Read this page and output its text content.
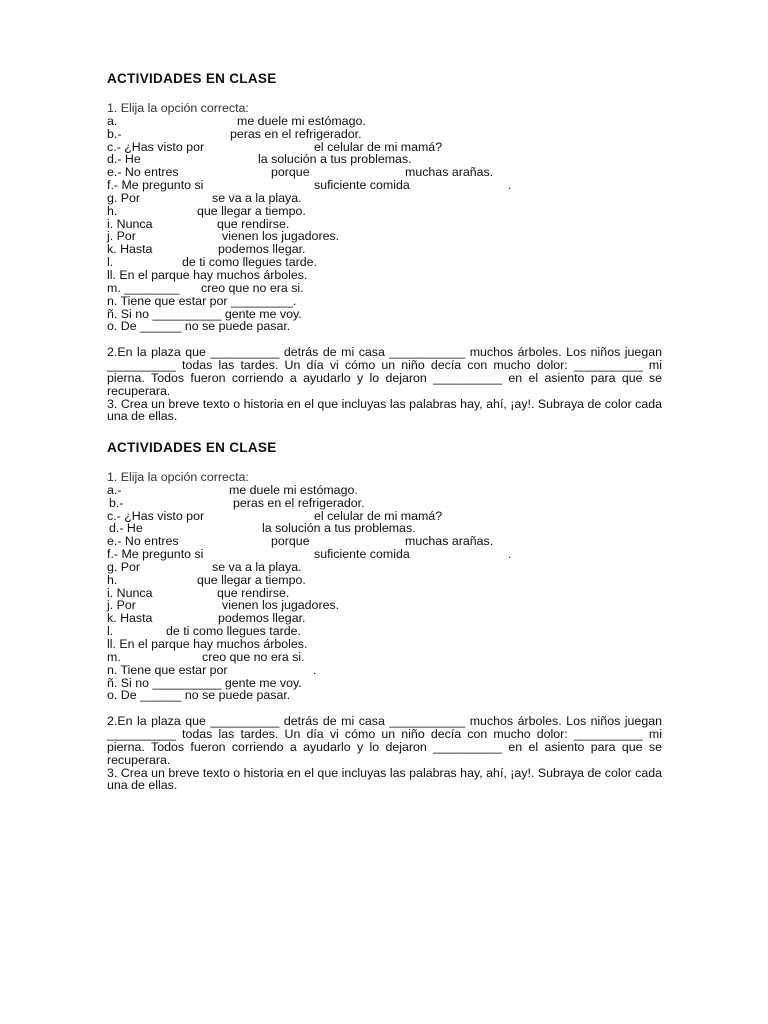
ACTIVIDADES EN CLASE
1. Elija la opción correcta:
a.	me duele mi estómago.
b.-	peras en el refrigerador.
c.- ¿Has visto por	el celular de mi mamá?
d.- He	la solución a tus problemas.
e.- No entres	porque	muchas arañas.
f.- Me pregunto si	suficiente comida	.
g. Por	se va a la playa.
h.	que llegar a tiempo.
i. Nunca	que rendirse.
j. Por	vienen los jugadores.
k. Hasta	podemos llegar.
l.	de ti como llegues tarde.
ll. En el parque hay muchos árboles.
m. ________ creo que no era si.
n. Tiene que estar por _________.
ñ. Si no __________ gente me voy.
o. De ______ no se puede pasar.
2.En la plaza que __________ detrás de mi casa ___________ muchos árboles. Los niños juegan __________ todas las tardes. Un día vi cómo un niño decía con mucho dolor: __________ mi pierna. Todos fueron corriendo a ayudarlo y lo dejaron __________ en el asiento para que se recuperara.
3. Crea un breve texto o historia en el que incluyas las palabras hay, ahí, ¡ay!. Subraya de color cada una de ellas.
ACTIVIDADES EN CLASE
1. Elija la opción correcta:
a.-	me duele mi estómago.
b.-	peras en el refrigerador.
c.- ¿Has visto por	el celular de mi mamá?
d.- He	la solución a tus problemas.
e.- No entres	porque	muchas arañas.
f.- Me pregunto si	suficiente comida	.
g. Por	se va a la playa.
h.	que llegar a tiempo.
i. Nunca	que rendirse.
j. Por	vienen los jugadores.
k. Hasta	podemos llegar.
l.	de ti como llegues tarde.
ll. En el parque hay muchos árboles.
m.	creo que no era si.
n. Tiene que estar por	.
ñ. Si no __________ gente me voy.
o. De ______ no se puede pasar.
2.En la plaza que __________ detrás de mi casa ___________ muchos árboles. Los niños juegan __________ todas las tardes. Un día vi cómo un niño decía con mucho dolor: __________ mi pierna. Todos fueron corriendo a ayudarlo y lo dejaron __________ en el asiento para que se recuperara.
3. Crea un breve texto o historia en el que incluyas las palabras hay, ahí, ¡ay!. Subraya de color cada una de ellas.
